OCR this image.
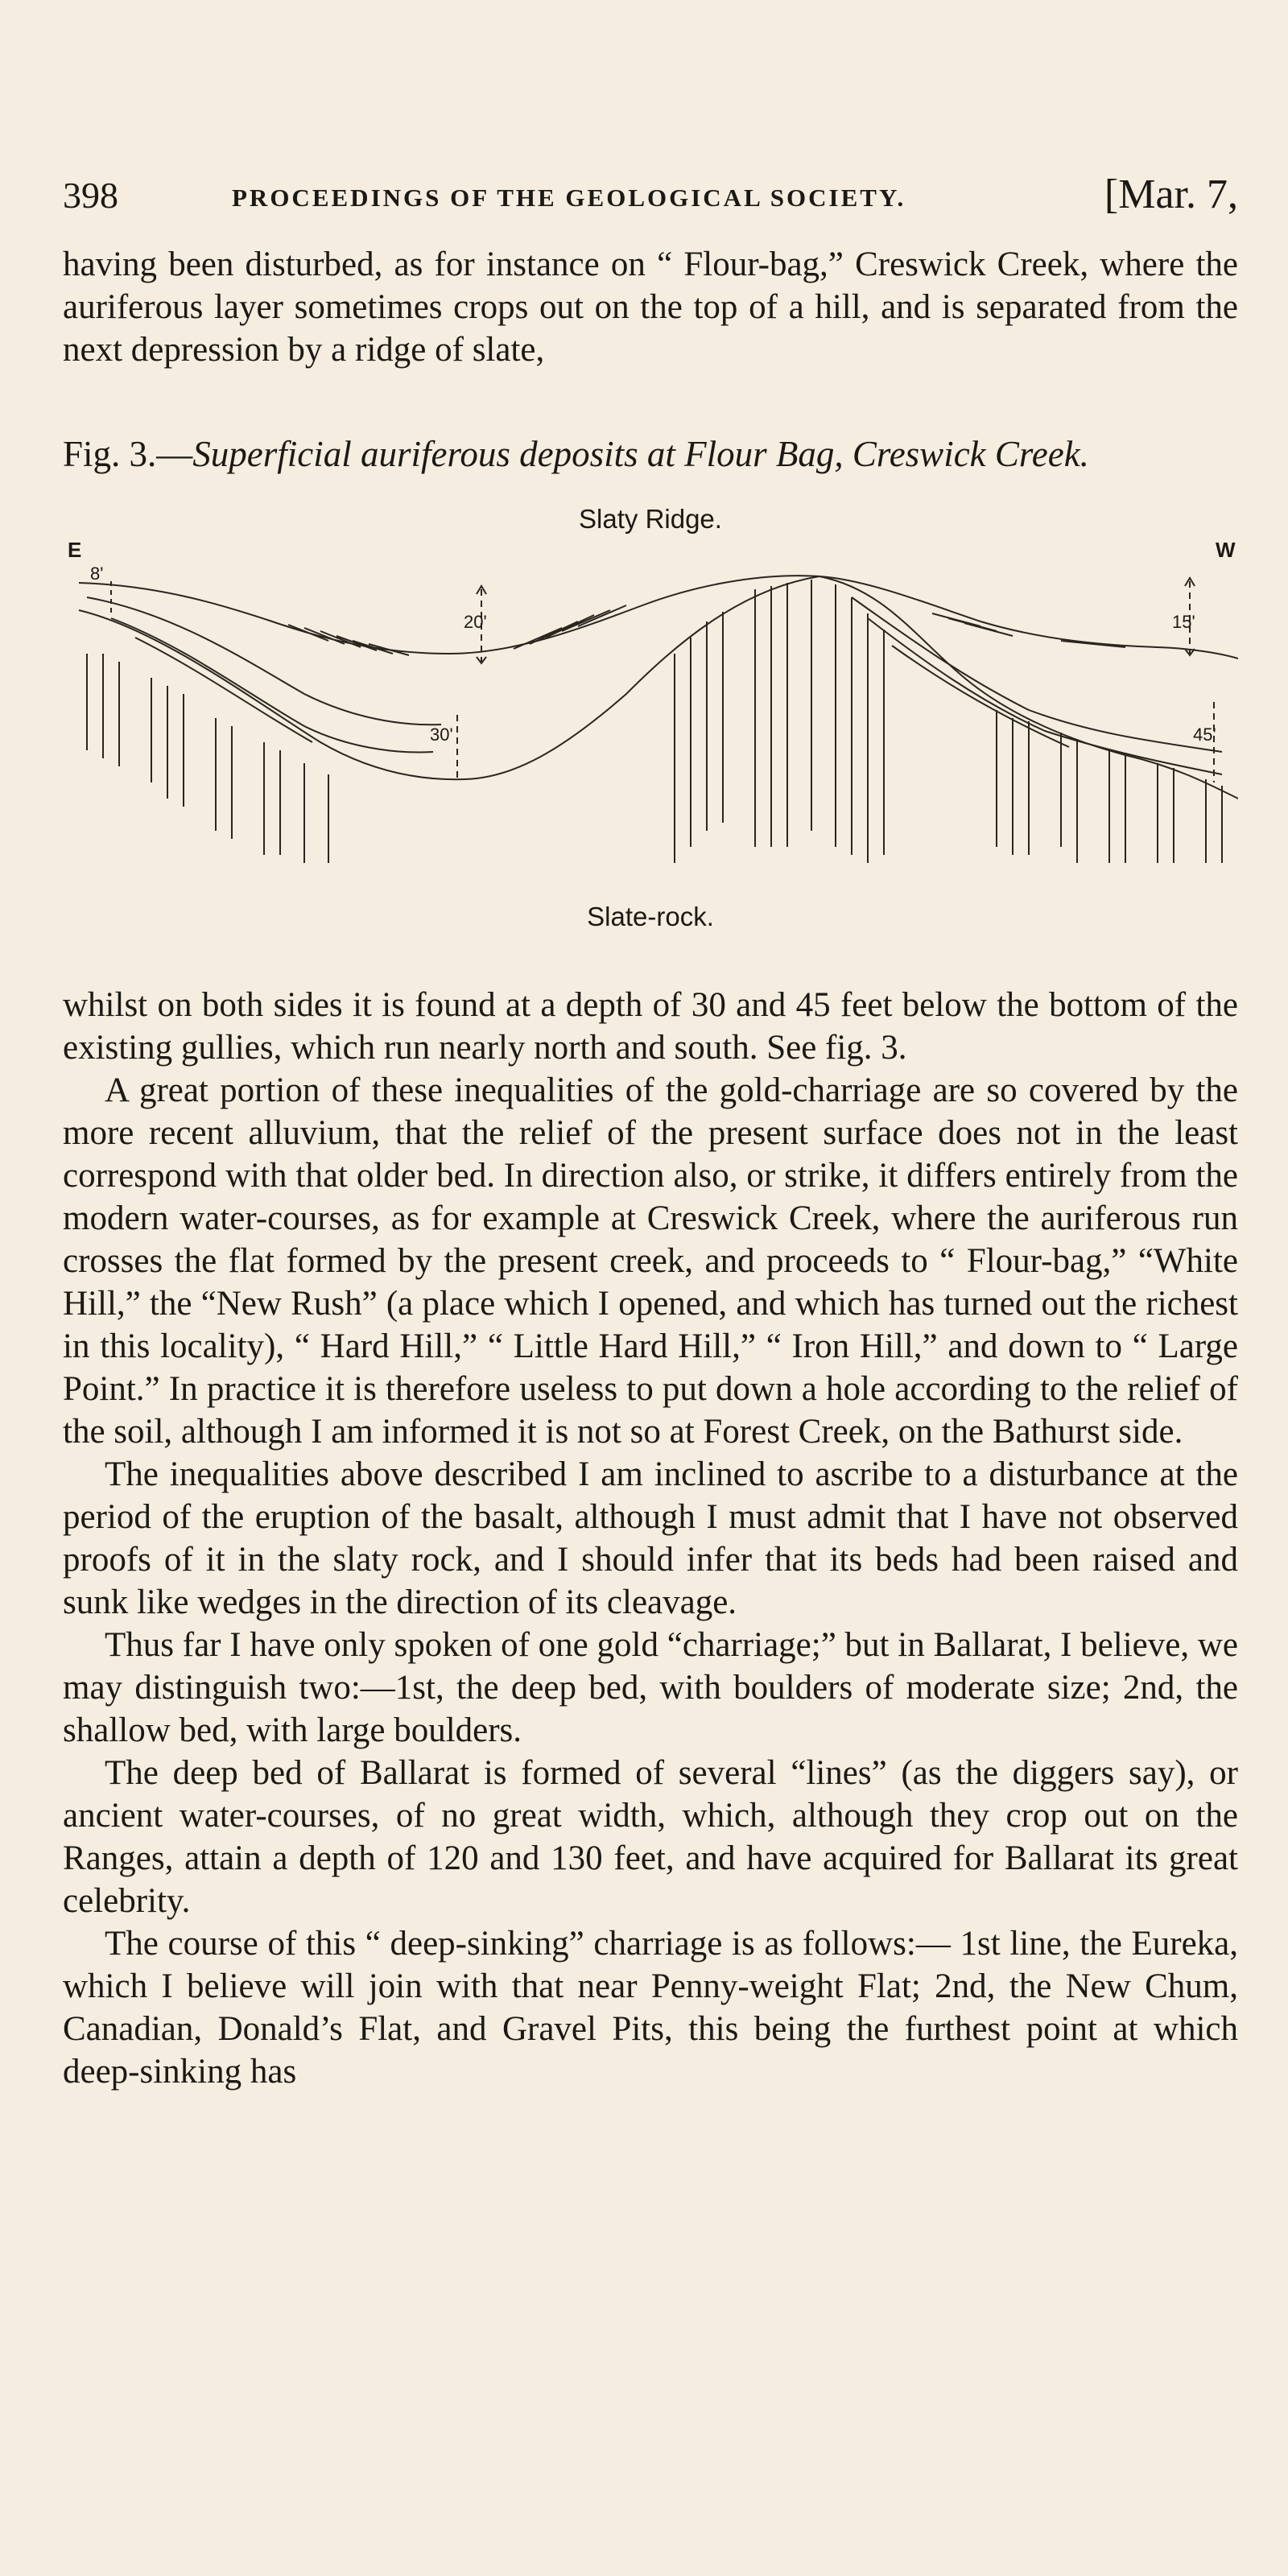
398	PROCEEDINGS OF THE GEOLOGICAL SOCIETY.	[Mar. 7,

having been disturbed, as for instance on “ Flour-bag,” Creswick Creek, where the auriferous layer sometimes crops out on the top of a hill, and is separated from the next depression by a ridge of slate,

Fig. 3.—Superficial auriferous deposits at Flour Bag, Creswick Creek.
Slaty Ridge.
E	W
8'
20'
30'
15'
45'
Slate-rock.

whilst on both sides it is found at a depth of 30 and 45 feet below the bottom of the existing gullies, which run nearly north and south. See fig. 3.

A great portion of these inequalities of the gold-charriage are so covered by the more recent alluvium, that the relief of the present surface does not in the least correspond with that older bed. In direction also, or strike, it differs entirely from the modern water-courses, as for example at Creswick Creek, where the auriferous run crosses the flat formed by the present creek, and proceeds to “ Flour-bag,” “White Hill,” the “New Rush” (a place which I opened, and which has turned out the richest in this locality), “ Hard Hill,” “ Little Hard Hill,” “ Iron Hill,” and down to “ Large Point.” In practice it is therefore useless to put down a hole according to the relief of the soil, although I am informed it is not so at Forest Creek, on the Bathurst side.

The inequalities above described I am inclined to ascribe to a disturbance at the period of the eruption of the basalt, although I must admit that I have not observed proofs of it in the slaty rock, and I should infer that its beds had been raised and sunk like wedges in the direction of its cleavage.

Thus far I have only spoken of one gold “charriage;” but in Ballarat, I believe, we may distinguish two:—1st, the deep bed, with boulders of moderate size; 2nd, the shallow bed, with large boulders.

The deep bed of Ballarat is formed of several “lines” (as the diggers say), or ancient water-courses, of no great width, which, although they crop out on the Ranges, attain a depth of 120 and 130 feet, and have acquired for Ballarat its great celebrity.

The course of this “ deep-sinking” charriage is as follows:— 1st line, the Eureka, which I believe will join with that near Penny-weight Flat; 2nd, the New Chum, Canadian, Donald’s Flat, and Gravel Pits, this being the furthest point at which deep-sinking has
